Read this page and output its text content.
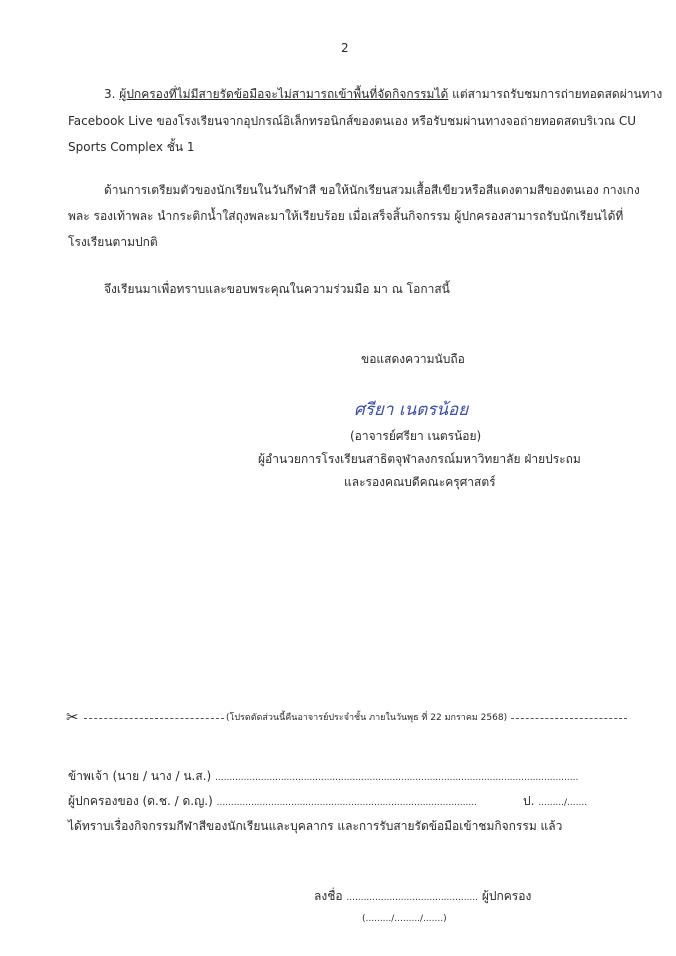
2
3. ผู้ปกครองที่ไม่มีสายรัดข้อมือจะไม่สามารถเข้าพื้นที่จัดกิจกรรมได้ แต่สามารถรับชมการถ่ายทอดสดผ่านทาง
Facebook Live ของโรงเรียนจากอุปกรณ์อิเล็กทรอนิกส์ของตนเอง หรือรับชมผ่านทางจอถ่ายทอดสดบริเวณ CU
Sports Complex ชั้น 1
ด้านการเตรียมตัวของนักเรียนในวันกีฬาสี ขอให้นักเรียนสวมเสื้อสีเขียวหรือสีแดงตามสีของตนเอง กางเกง
พละ รองเท้าพละ นำกระติกน้ำใส่ถุงพละมาให้เรียบร้อย เมื่อเสร็จสิ้นกิจกรรม ผู้ปกครองสามารถรับนักเรียนได้ที่
โรงเรียนตามปกติ
จึงเรียนมาเพื่อทราบและขอบพระคุณในความร่วมมือ มา ณ โอกาสนี้
ขอแสดงความนับถือ
ศรียา เนตรน้อย
(อาจารย์ศรียา เนตรน้อย)
ผู้อำนวยการโรงเรียนสาธิตจุฬาลงกรณ์มหาวิทยาลัย ฝ่ายประถม
และรองคณบดีคณะครุศาสตร์
✂	(โปรดตัดส่วนนี้คืนอาจารย์ประจำชั้น ภายในวันพุธ ที่ 22 มกราคม 2568)
ข้าพเจ้า (นาย / นาง / น.ส.) ...............................................................................................................................
ผู้ปกครองของ (ด.ช. / ด.ญ.) ...........................................................................................	ป. ........./.......
ได้ทราบเรื่องกิจกรรมกีฬาสีของนักเรียนและบุคลากร และการรับสายรัดข้อมือเข้าชมกิจกรรม แล้ว
ลงชื่อ .............................................. ผู้ปกครอง
(........./........./.......)
